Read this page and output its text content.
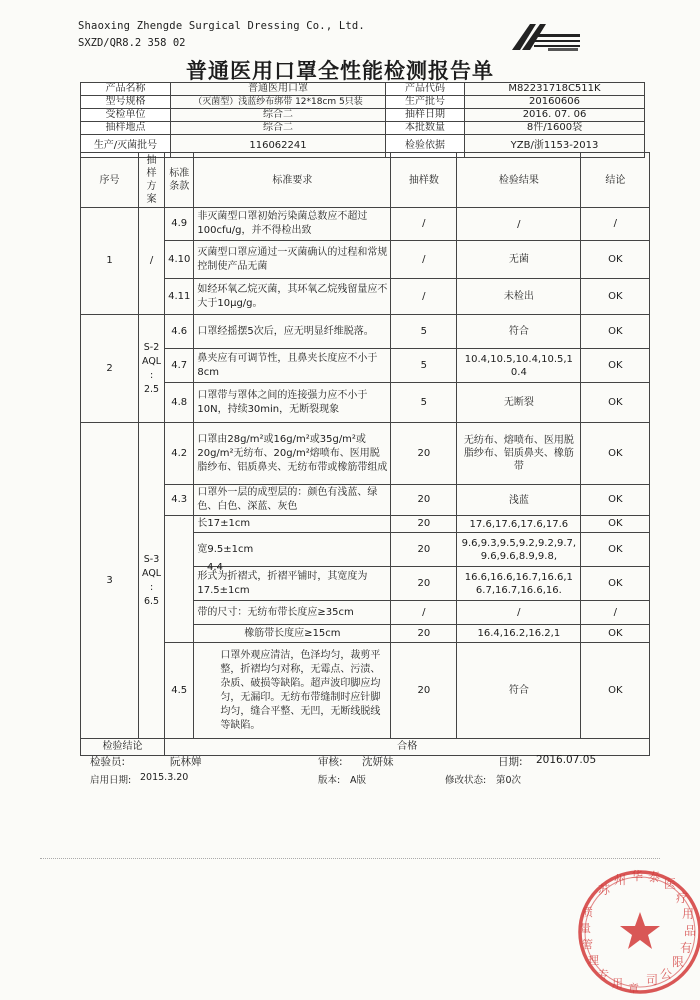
Shaoxing Zhengde Surgical Dressing Co., Ltd.
SXZD/QR8.2 358 02
普通医用口罩全性能检测报告单
产品名称	普通医用口罩	产品代码	M82231718C511K
型号规格	（灭菌型）浅蓝纱布绑带 12*18cm 5只装	生产批号	20160606
受检单位	综合二	抽样日期	2016. 07. 06
抽样地点	综合二	本批数量	8件/1600袋
生产/灭菌批号	116062241	检验依据	YZB/浙1153-2013
序号	抽样方案	标准条款	标准要求	抽样数	检验结果	结论
1	/	4.9	非灭菌型口罩初始污染菌总数应不超过100cfu/g，并不得检出致	/	/	/
		4.10	灭菌型口罩应通过一灭菌确认的过程和常规控制使产品无菌	/	无菌	OK
		4.11	如经环氧乙烷灭菌，其环氧乙烷残留量应不大于10μg/g。	/	未检出	OK
2	S-2 AQL : 2.5	4.6	口罩经摇摆5次后，应无明显纤维脱落。	5	符合	OK
		4.7	鼻夹应有可调节性，且鼻夹长度应不小于8cm	5	10.4,10.5,10.4,10.5,10.4	OK
		4.8	口罩带与罩体之间的连接强力应不小于10N，持续30min，无断裂现象	5	无断裂	OK
3	S-3 AQL : 6.5	4.2	口罩由28g/m²或16g/m²或35g/m²或20g/m²无纺布、20g/m²熔喷布、医用脱脂纱布、铝质鼻夹、无纺布带或橡筋带组成	20	无纺布、熔喷布、医用脱脂纱布、铝质鼻夹、橡筋带	OK
		4.3	口罩外一层的成型层的：颜色有浅蓝、绿色、白色、深蓝、灰色	20	浅蓝	OK
			长17±1cm	20	17.6,17.6,17.6,17.6	OK
			宽9.5±1cm	20	9.6,9.3,9.5,9.2,9.2,9.7,9.6,9.6,8.9,9.8,	OK
			形式为折褶式，折褶平铺时，其宽度为17.5±1cm	20	16.6,16.6,16.7,16.6,16.7,16.7,16.6,16.	OK
			带的尺寸：无纺布带长度应≥35cm	/	/	/
			橡筋带长度应≥15cm	20	16.4,16.2,16.2,1	OK
		4.5	口罩外观应清洁，色泽均匀，裁剪平整，折褶均匀对称，无霉点、污渍、杂质、破损等缺陷。超声波印脚应均匀，无漏印。无纺布带缝制时应针脚均匀，缝合平整、无凹，无断线脱线等缺陷。	20	符合	OK
检验结论		合格				
4.4
检验员:	阮林婵	审核: 沈妍妹	日期: 2016.07.05
启用日期: 2015.3.20	版本: A版	修改状态: 第0次
苏
州 华 泰 医
疗
用
品
有
限
公
司
质
量
管
理
专
用 章
